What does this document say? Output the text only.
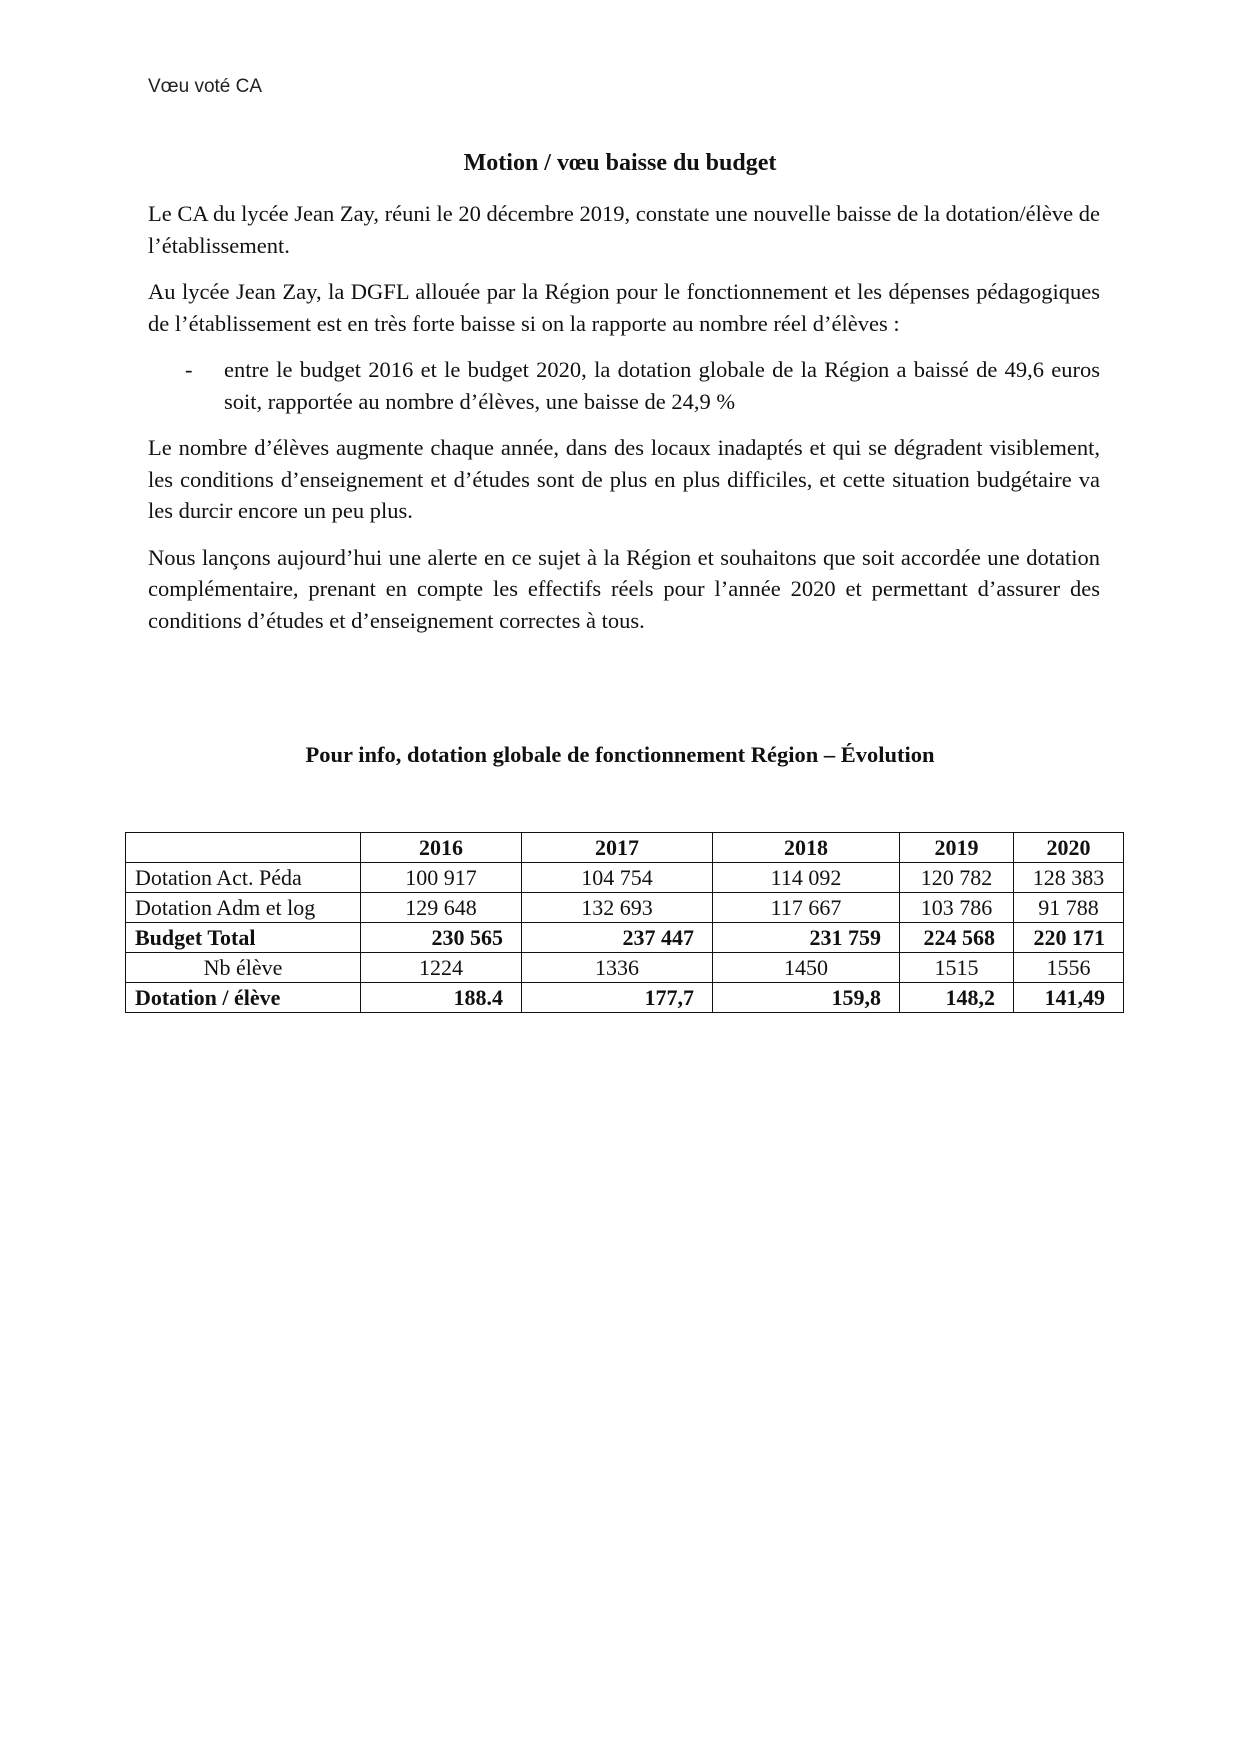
Vœu voté CA
Motion / vœu baisse du budget

Le CA du lycée Jean Zay, réuni le 20 décembre 2019, constate une nouvelle baisse de la dotation/élève de l’établissement.

Au lycée Jean Zay, la DGFL allouée par la Région pour le fonctionnement et les dépenses pédagogiques de l’établissement est en très forte baisse si on la rapporte au nombre réel d’élèves :

-	entre le budget 2016 et le budget 2020, la dotation globale de la Région a baissé de 49,6 euros soit, rapportée au nombre d’élèves, une baisse de 24,9 %

Le nombre d’élèves augmente chaque année, dans des locaux inadaptés et qui se dégradent visiblement, les conditions d’enseignement et d’études sont de plus en plus difficiles, et cette situation budgétaire va les durcir encore un peu plus.

Nous lançons aujourd’hui une alerte en ce sujet à la Région et souhaitons que soit accordée une dotation complémentaire, prenant en compte les effectifs réels pour l’année 2020 et permettant d’assurer des conditions d’études et d’enseignement correctes à tous.

Pour info, dotation globale de fonctionnement Région – Évolution
	2016	2017	2018	2019	2020
Dotation Act. Péda	100 917	104 754	114 092	120 782	128 383
Dotation Adm et log	129 648	132 693	117 667	103 786	91 788
Budget Total	230 565	237 447	231 759	224 568	220 171
Nb élève	1224	1336	1450	1515	1556
Dotation / élève	188.4	177,7	159,8	148,2	141,49
